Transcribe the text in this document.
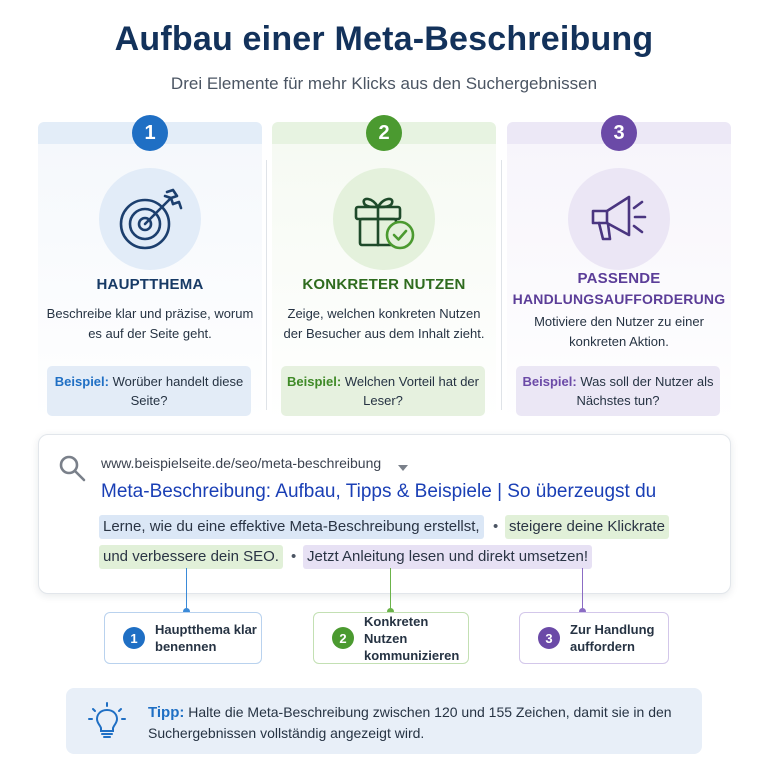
Aufbau einer Meta-Beschreibung
Drei Elemente für mehr Klicks aus den Suchergebnissen
1
HAUPTTHEMA
Beschreibe klar und präzise, worum es auf der Seite geht.
Beispiel: Worüber handelt diese Seite?
2
KONKRETER NUTZEN
Zeige, welchen konkreten Nutzen der Besucher aus dem Inhalt zieht.
Beispiel: Welchen Vorteil hat der Leser?
3
PASSENDE
HANDLUNGSAUFFORDERUNG
Motiviere den Nutzer zu einer konkreten Aktion.
Beispiel: Was soll der Nutzer als Nächstes tun?
www.beispielseite.de/seo/meta-beschreibung
Meta-Beschreibung: Aufbau, Tipps & Beispiele | So überzeugst du
Lerne, wie du eine effektive Meta-Beschreibung erstellst, • steigere deine Klickrate
und verbessere dein SEO. • Jetzt Anleitung lesen und direkt umsetzen!
1
Hauptthema klar
benennen
2
Konkreten Nutzen
kommunizieren
3
Zur Handlung
auffordern
Tipp: Halte die Meta-Beschreibung zwischen 120 und 155 Zeichen, damit sie in den Suchergebnissen vollständig angezeigt wird.
